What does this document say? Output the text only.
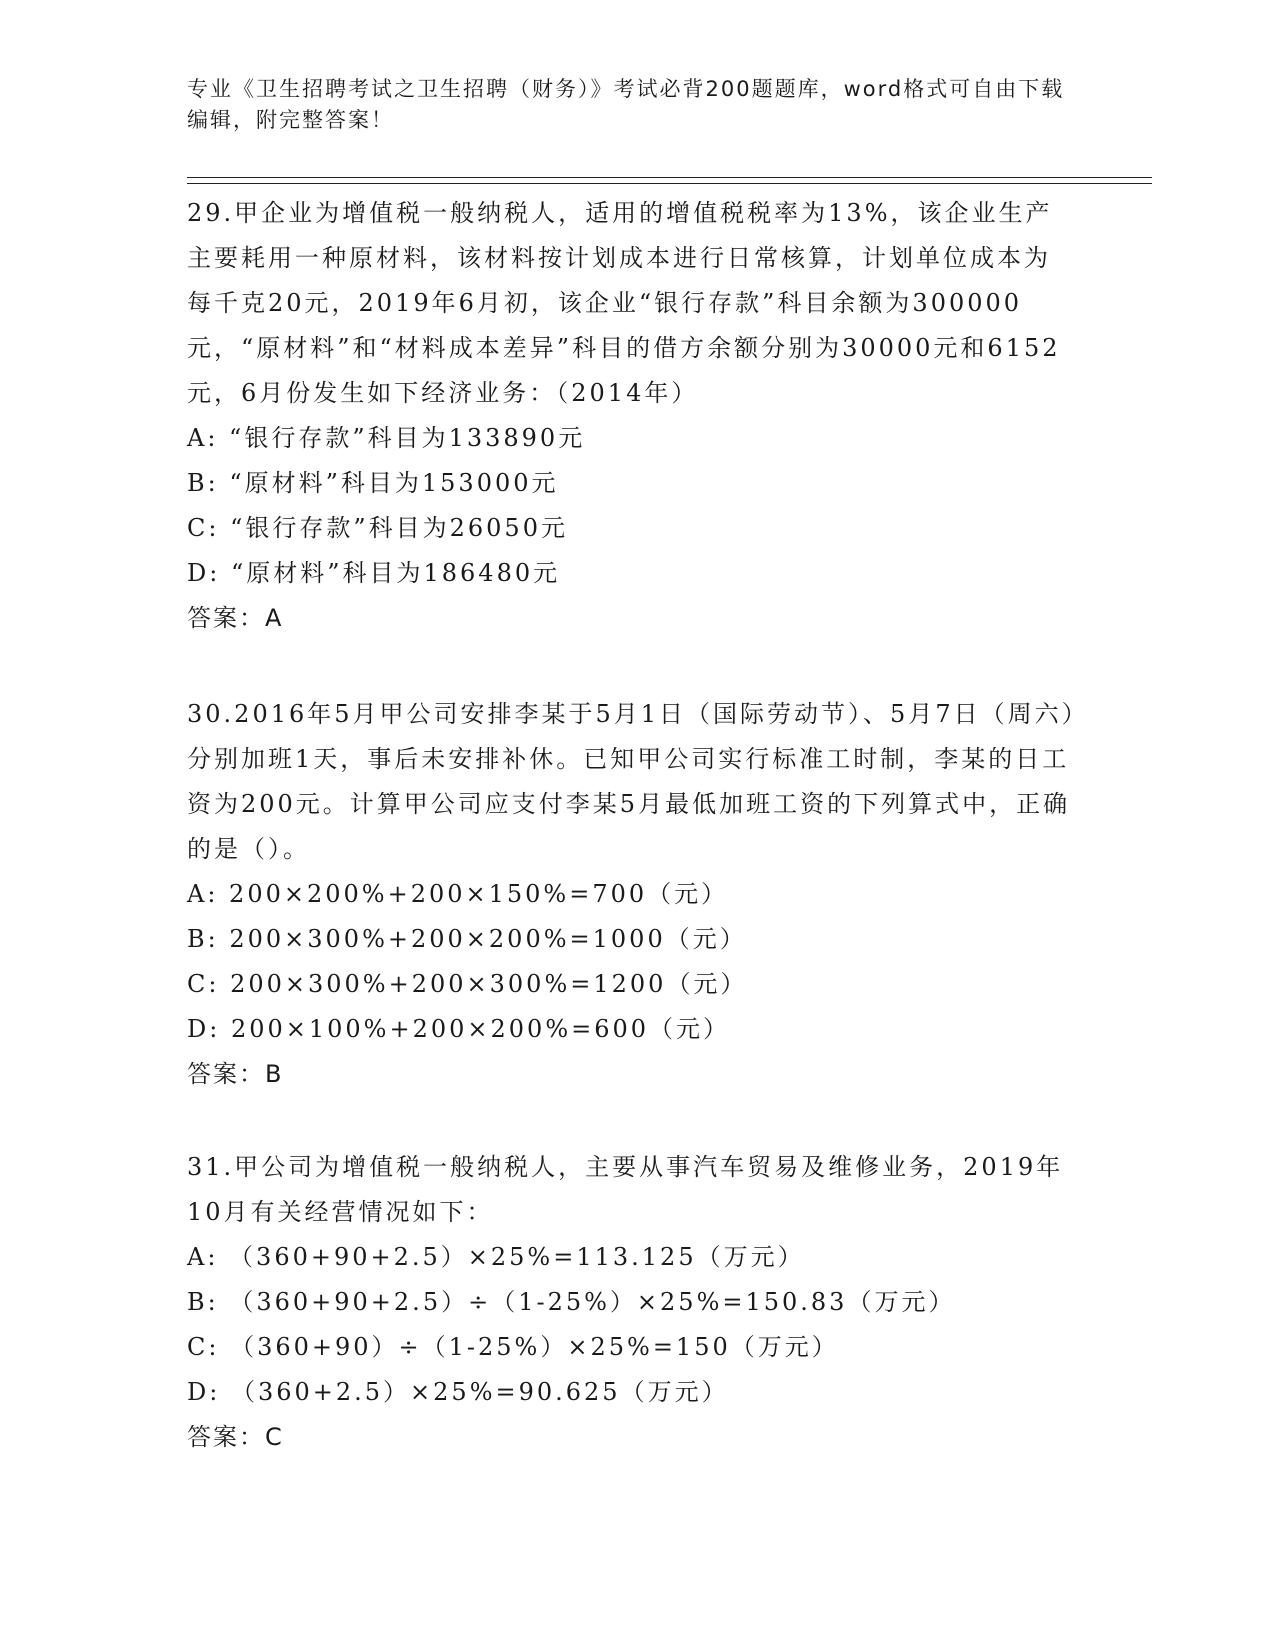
专业《卫生招聘考试之卫生招聘（财务）》考试必背200题题库，word格式可自由下载编辑，附完整答案！

29.甲企业为增值税一般纳税人，适用的增值税税率为13%，该企业生产主要耗用一种原材料，该材料按计划成本进行日常核算，计划单位成本为每千克20元，2019年6月初，该企业“银行存款”科目余额为300000元，“原材料”和“材料成本差异”科目的借方余额分别为30000元和6152元，6月份发生如下经济业务：（2014年）

A: “银行存款”科目为133890元

B: “原材料”科目为153000元

C: “银行存款”科目为26050元

D: “原材料”科目为186480元

答案：A

30.2016年5月甲公司安排李某于5月1日（国际劳动节）、5月7日（周六）分别加班1天，事后未安排补休。已知甲公司实行标准工时制，李某的日工资为200元。计算甲公司应支付李某5月最低加班工资的下列算式中，正确的是（）。

A: 200×200%+200×150%=700（元）

B: 200×300%+200×200%=1000（元）

C: 200×300%+200×300%=1200（元）

D: 200×100%+200×200%=600（元）

答案：B

31.甲公司为增值税一般纳税人，主要从事汽车贸易及维修业务，2019年10月有关经营情况如下：

A: （360+90+2.5）×25%=113.125（万元）

B: （360+90+2.5）÷（1-25%）×25%=150.83（万元）

C: （360+90）÷（1-25%）×25%=150（万元）

D: （360+2.5）×25%=90.625（万元）

答案：C
